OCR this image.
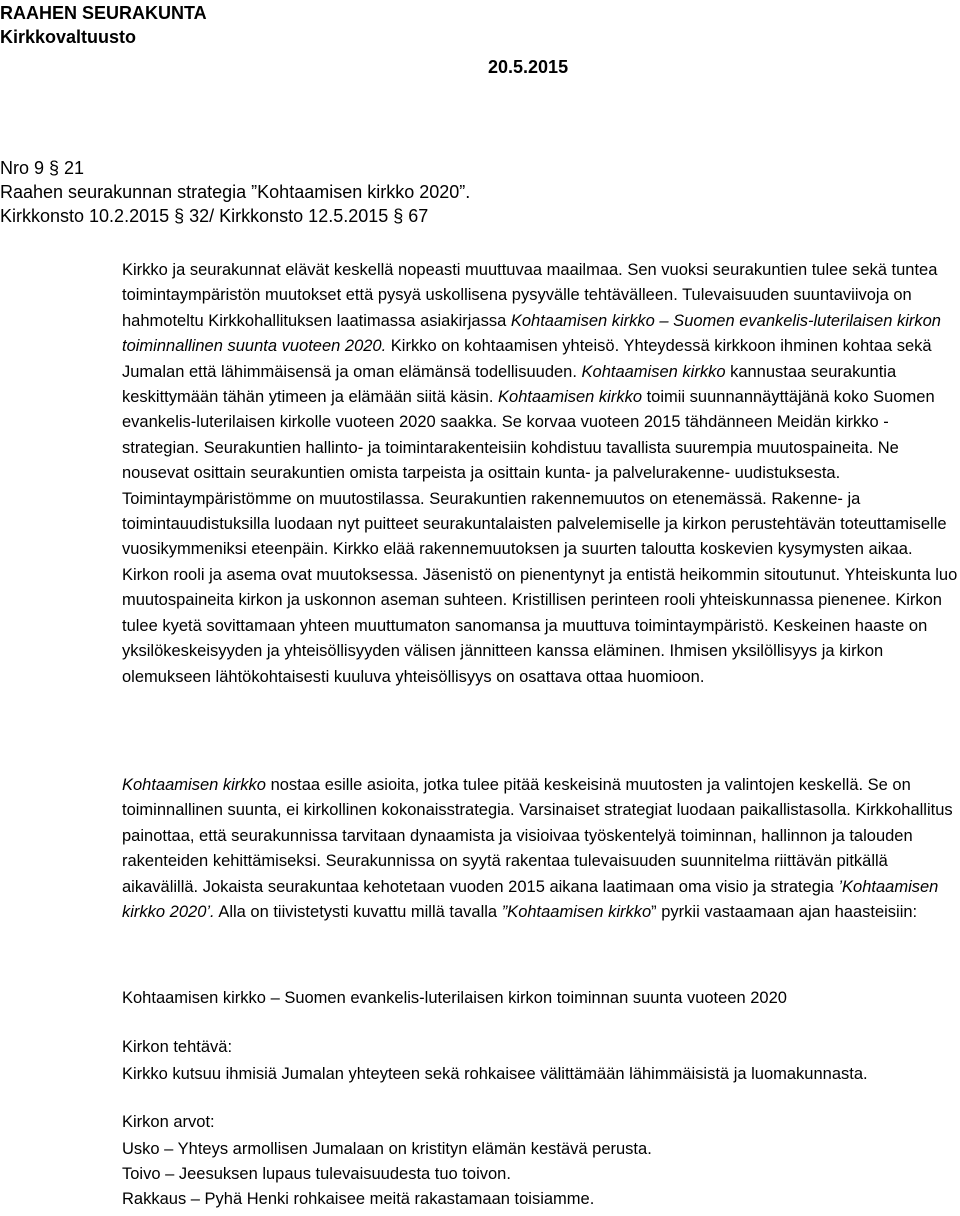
RAAHEN SEURAKUNTA
Kirkkovaltuusto
20.5.2015
Nro 9 § 21
Raahen seurakunnan strategia ”Kohtaamisen kirkko 2020”.
Kirkkonsto 10.2.2015 § 32/ Kirkkonsto 12.5.2015 § 67

Kirkko ja seurakunnat elävät keskellä nopeasti muuttuvaa maailmaa. Sen vuoksi seurakuntien tulee sekä tuntea toimintaympäristön muutokset että pysyä uskollisena pysyvälle tehtävälleen. Tulevaisuuden suuntaviivoja on hahmoteltu Kirkkohallituksen laatimassa asiakirjassa Kohtaamisen kirkko – Suomen evankelis-luterilaisen kirkon toiminnallinen suunta vuoteen 2020. Kirkko on kohtaamisen yhteisö. Yhteydessä kirkkoon ihminen kohtaa sekä Jumalan että lähimmäisensä ja oman elämänsä todellisuuden. Kohtaamisen kirkko kannustaa seurakuntia keskittymään tähän ytimeen ja elämään siitä käsin. Kohtaamisen kirkko toimii suunnannäyttäjänä koko Suomen evankelis-luterilaisen kirkolle vuoteen 2020 saakka. Se korvaa vuoteen 2015 tähdänneen Meidän kirkko -strategian. Seurakuntien hallinto- ja toimintarakenteisiin kohdistuu tavallista suurempia muutospaineita. Ne nousevat osittain seurakuntien omista tarpeista ja osittain kunta- ja palvelurakenne- uudistuksesta. Toimintaympäristömme on muutostilassa. Seurakuntien rakennemuutos on etenemässä. Rakenne- ja toimintauudistuksilla luodaan nyt puitteet seurakuntalaisten palvelemiselle ja kirkon perustehtävän toteuttamiselle vuosikymmeniksi eteenpäin. Kirkko elää rakennemuutoksen ja suurten taloutta koskevien kysymysten aikaa. Kirkon rooli ja asema ovat muutoksessa. Jäsenistö on pienentynyt ja entistä heikommin sitoutunut. Yhteiskunta luo muutospaineita kirkon ja uskonnon aseman suhteen. Kristillisen perinteen rooli yhteiskunnassa pienenee. Kirkon tulee kyetä sovittamaan yhteen muuttumaton sanomansa ja muuttuva toimintaympäristö. Keskeinen haaste on yksilökeskeisyyden ja yhteisöllisyyden välisen jännitteen kanssa eläminen. Ihmisen yksilöllisyys ja kirkon olemukseen lähtökohtaisesti kuuluva yhteisöllisyys on osattava ottaa huomioon.

Kohtaamisen kirkko nostaa esille asioita, jotka tulee pitää keskeisinä muutosten ja valintojen keskellä. Se on toiminnallinen suunta, ei kirkollinen kokonaisstrategia. Varsinaiset strategiat luodaan paikallistasolla. Kirkkohallitus painottaa, että seurakunnissa tarvitaan dynaamista ja visioivaa työskentelyä toiminnan, hallinnon ja talouden rakenteiden kehittämiseksi. Seurakunnissa on syytä rakentaa tulevaisuuden suunnitelma riittävän pitkällä aikavälillä. Jokaista seurakuntaa kehotetaan vuoden 2015 aikana laatimaan oma visio ja strategia ’Kohtaamisen kirkko 2020’. Alla on tiivistetysti kuvattu millä tavalla ”Kohtaamisen kirkko” pyrkii vastaamaan ajan haasteisiin:

Kohtaamisen kirkko – Suomen evankelis-luterilaisen kirkon toiminnan suunta vuoteen 2020
Kirkon tehtävä:
Kirkko kutsuu ihmisiä Jumalan yhteyteen sekä rohkaisee välittämään lähimmäisistä ja luomakunnasta.
Kirkon arvot:
Usko – Yhteys armollisen Jumalaan on kristityn elämän kestävä perusta.
Toivo – Jeesuksen lupaus tulevaisuudesta tuo toivon.
Rakkaus – Pyhä Henki rohkaisee meitä rakastamaan toisiamme.
